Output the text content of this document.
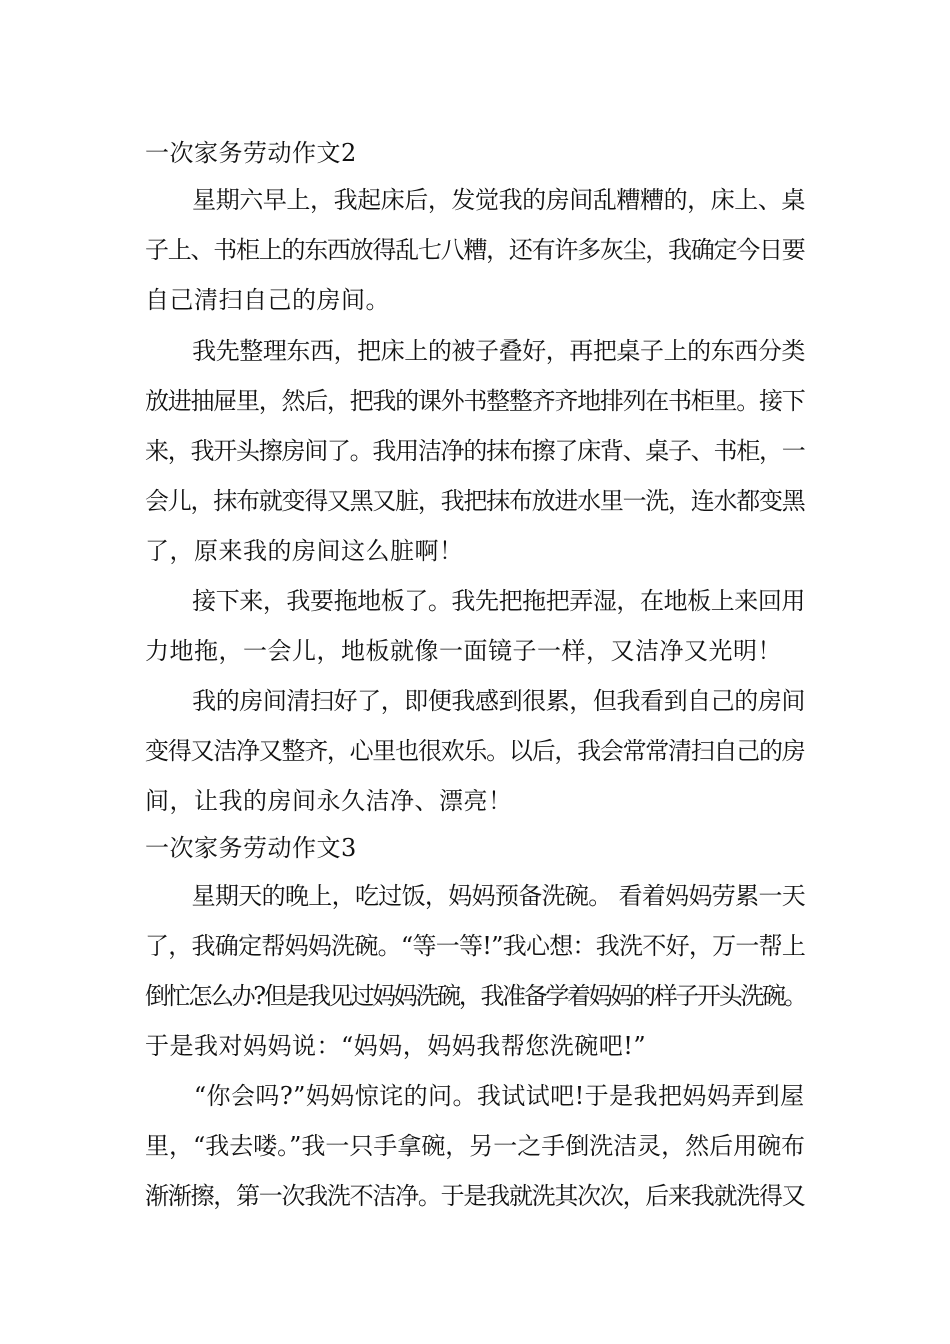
一次家务劳动作文2
　　星期六早上，我起床后，发觉我的房间乱糟糟的，床上、桌
子上、书柜上的东西放得乱七八糟，还有许多灰尘，我确定今日要
自己清扫自己的房间。
　　我先整理东西，把床上的被子叠好，再把桌子上的东西分类
放进抽屉里，然后，把我的课外书整整齐齐地排列在书柜里。接下
来，我开头擦房间了。我用洁净的抹布擦了床背、桌子、书柜，一
会儿，抹布就变得又黑又脏，我把抹布放进水里一洗，连水都变黑
了，原来我的房间这么脏啊！
　　接下来，我要拖地板了。我先把拖把弄湿，在地板上来回用
力地拖，一会儿，地板就像一面镜子一样，又洁净又光明！
　　我的房间清扫好了，即便我感到很累，但我看到自己的房间
变得又洁净又整齐，心里也很欢乐。以后，我会常常清扫自己的房
间，让我的房间永久洁净、漂亮！
一次家务劳动作文3
　　星期天的晚上，吃过饭，妈妈预备洗碗。 看着妈妈劳累一天
了，我确定帮妈妈洗碗。“等一等!”我心想：我洗不好，万一帮上
倒忙怎么办?但是我见过妈妈洗碗，我准备学着妈妈的样子开头洗碗。
于是我对妈妈说：“妈妈，妈妈我帮您洗碗吧!”
　　“你会吗?”妈妈惊诧的问。我试试吧!于是我把妈妈弄到屋
里，“我去喽。”我一只手拿碗，另一之手倒洗洁灵，然后用碗布
渐渐擦，第一次我洗不洁净。于是我就洗其次次，后来我就洗得又
